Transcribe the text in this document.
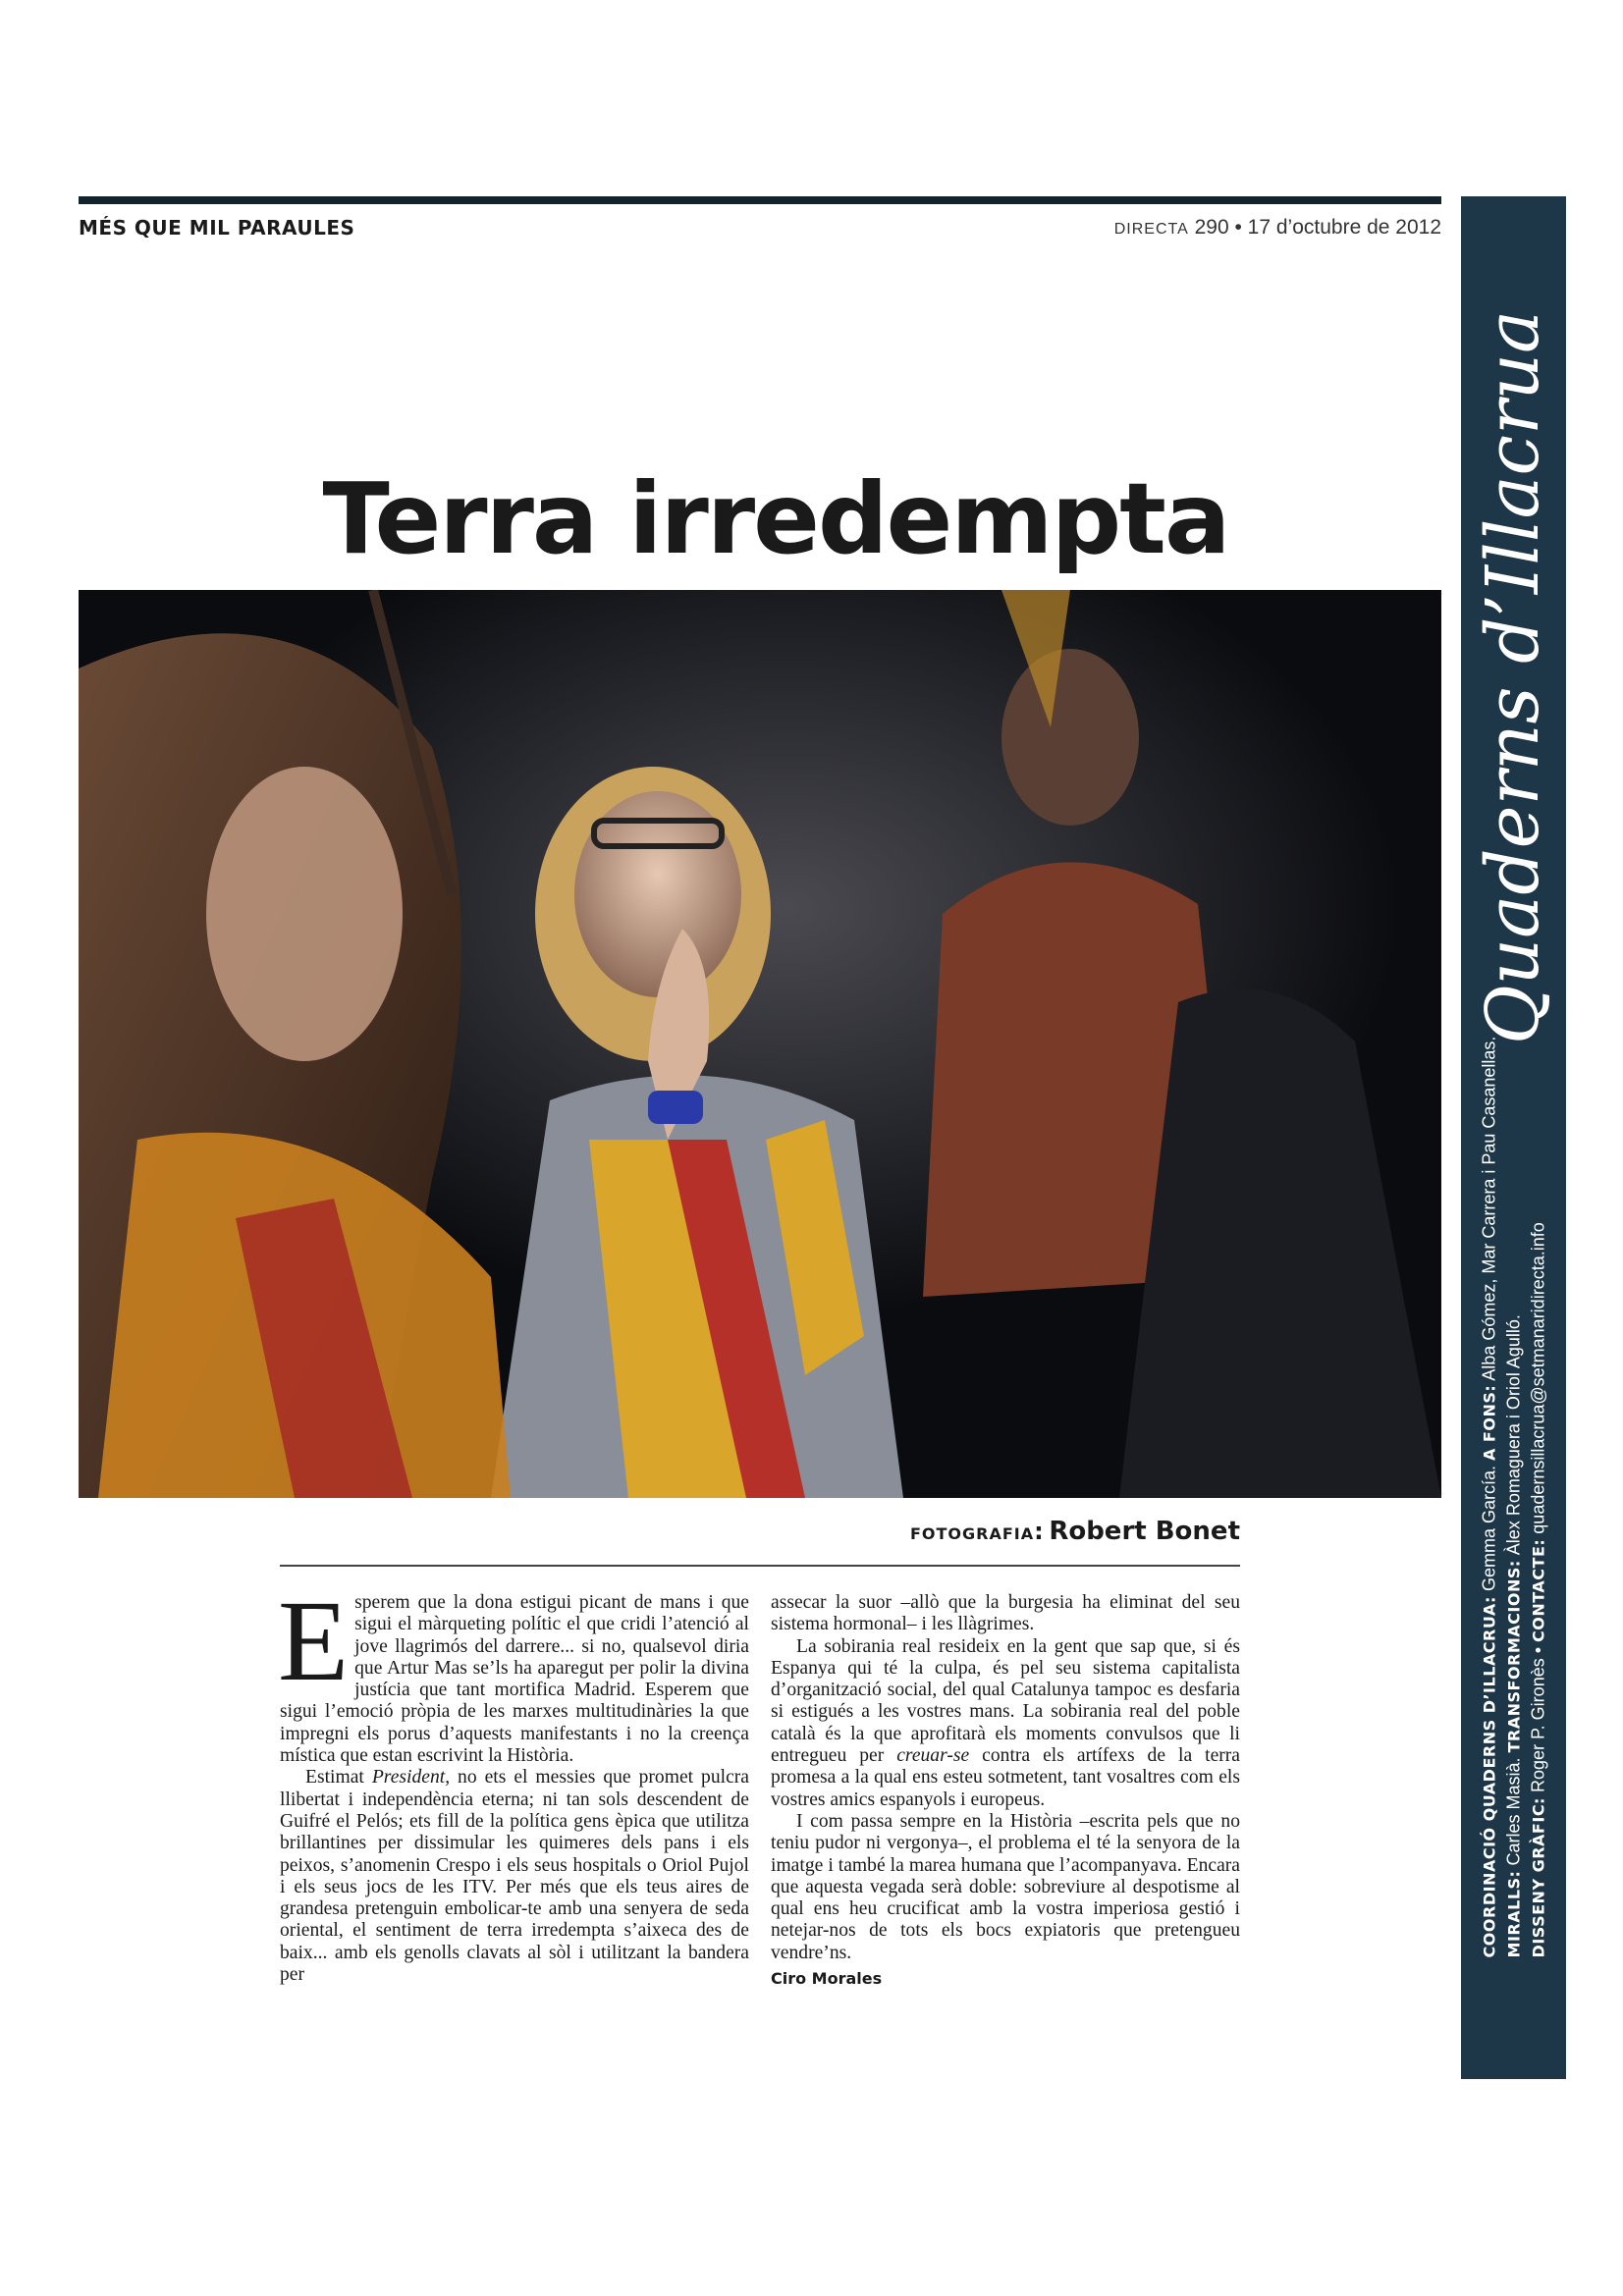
MÉS QUE MIL PARAULES	DIRECTA 290 • 17 d’octubre de 2012
Terra irredempta
FOTOGRAFIA: Robert Bonet

Esperem que la dona estigui picant de mans i que sigui el màrqueting polític el que cridi l’atenció al jove llagrimós del darrere... si no, qualsevol diria que Artur Mas se’ls ha aparegut per polir la divina justícia que tant mortifica Madrid. Esperem que sigui l’emoció pròpia de les marxes multitudinàries la que impregni els porus d’aquests manifestants i no la creença mística que estan escrivint la Història.

Estimat President, no ets el messies que promet pulcra llibertat i independència eterna; ni tan sols descendent de Guifré el Pelós; ets fill de la política gens èpica que utilitza brillantines per dissimular les quimeres dels pans i els peixos, s’anomenin Crespo i els seus hospitals o Oriol Pujol i els seus jocs de les ITV. Per més que els teus aires de grandesa pretenguin embolicar-te amb una senyera de seda oriental, el sentiment de terra irredempta s’aixeca des de baix... amb els genolls clavats al sòl i utilitzant la bandera per

assecar la suor –allò que la burgesia ha eliminat del seu sistema hormonal– i les llàgrimes.

La sobirania real resideix en la gent que sap que, si és Espanya qui té la culpa, és pel seu sistema capitalista d’organització social, del qual Catalunya tampoc es desfaria si estigués a les vostres mans. La sobirania real del poble català és la que aprofitarà els moments convulsos que li entregueu per creuar-se contra els artífexs de la terra promesa a la qual ens esteu sotmetent, tant vosaltres com els vostres amics espanyols i europeus.

I com passa sempre en la Història –escrita pels que no teniu pudor ni vergonya–, el problema el té la senyora de la imatge i també la marea humana que l’acompanyava. Encara que aquesta vegada serà doble: sobreviure al despotisme al qual ens heu crucificat amb la vostra imperiosa gestió i netejar-nos de tots els bocs expiatoris que pretengueu vendre’ns.

Ciro Morales
Quaderns d’Illacrua
COORDINACIÓ QUADERNS D’ILLACRUA: Gemma García. A FONS: Alba Gómez, Mar Carrera i Pau Casanellas.
MIRALLS: Carles Masià. TRANSFORMACIONS: Àlex Romaguera i Oriol Agulló.
DISSENY GRÀFIC: Roger P. Gironès • CONTACTE: quadernsillacrua@setmanaridirecta.info
